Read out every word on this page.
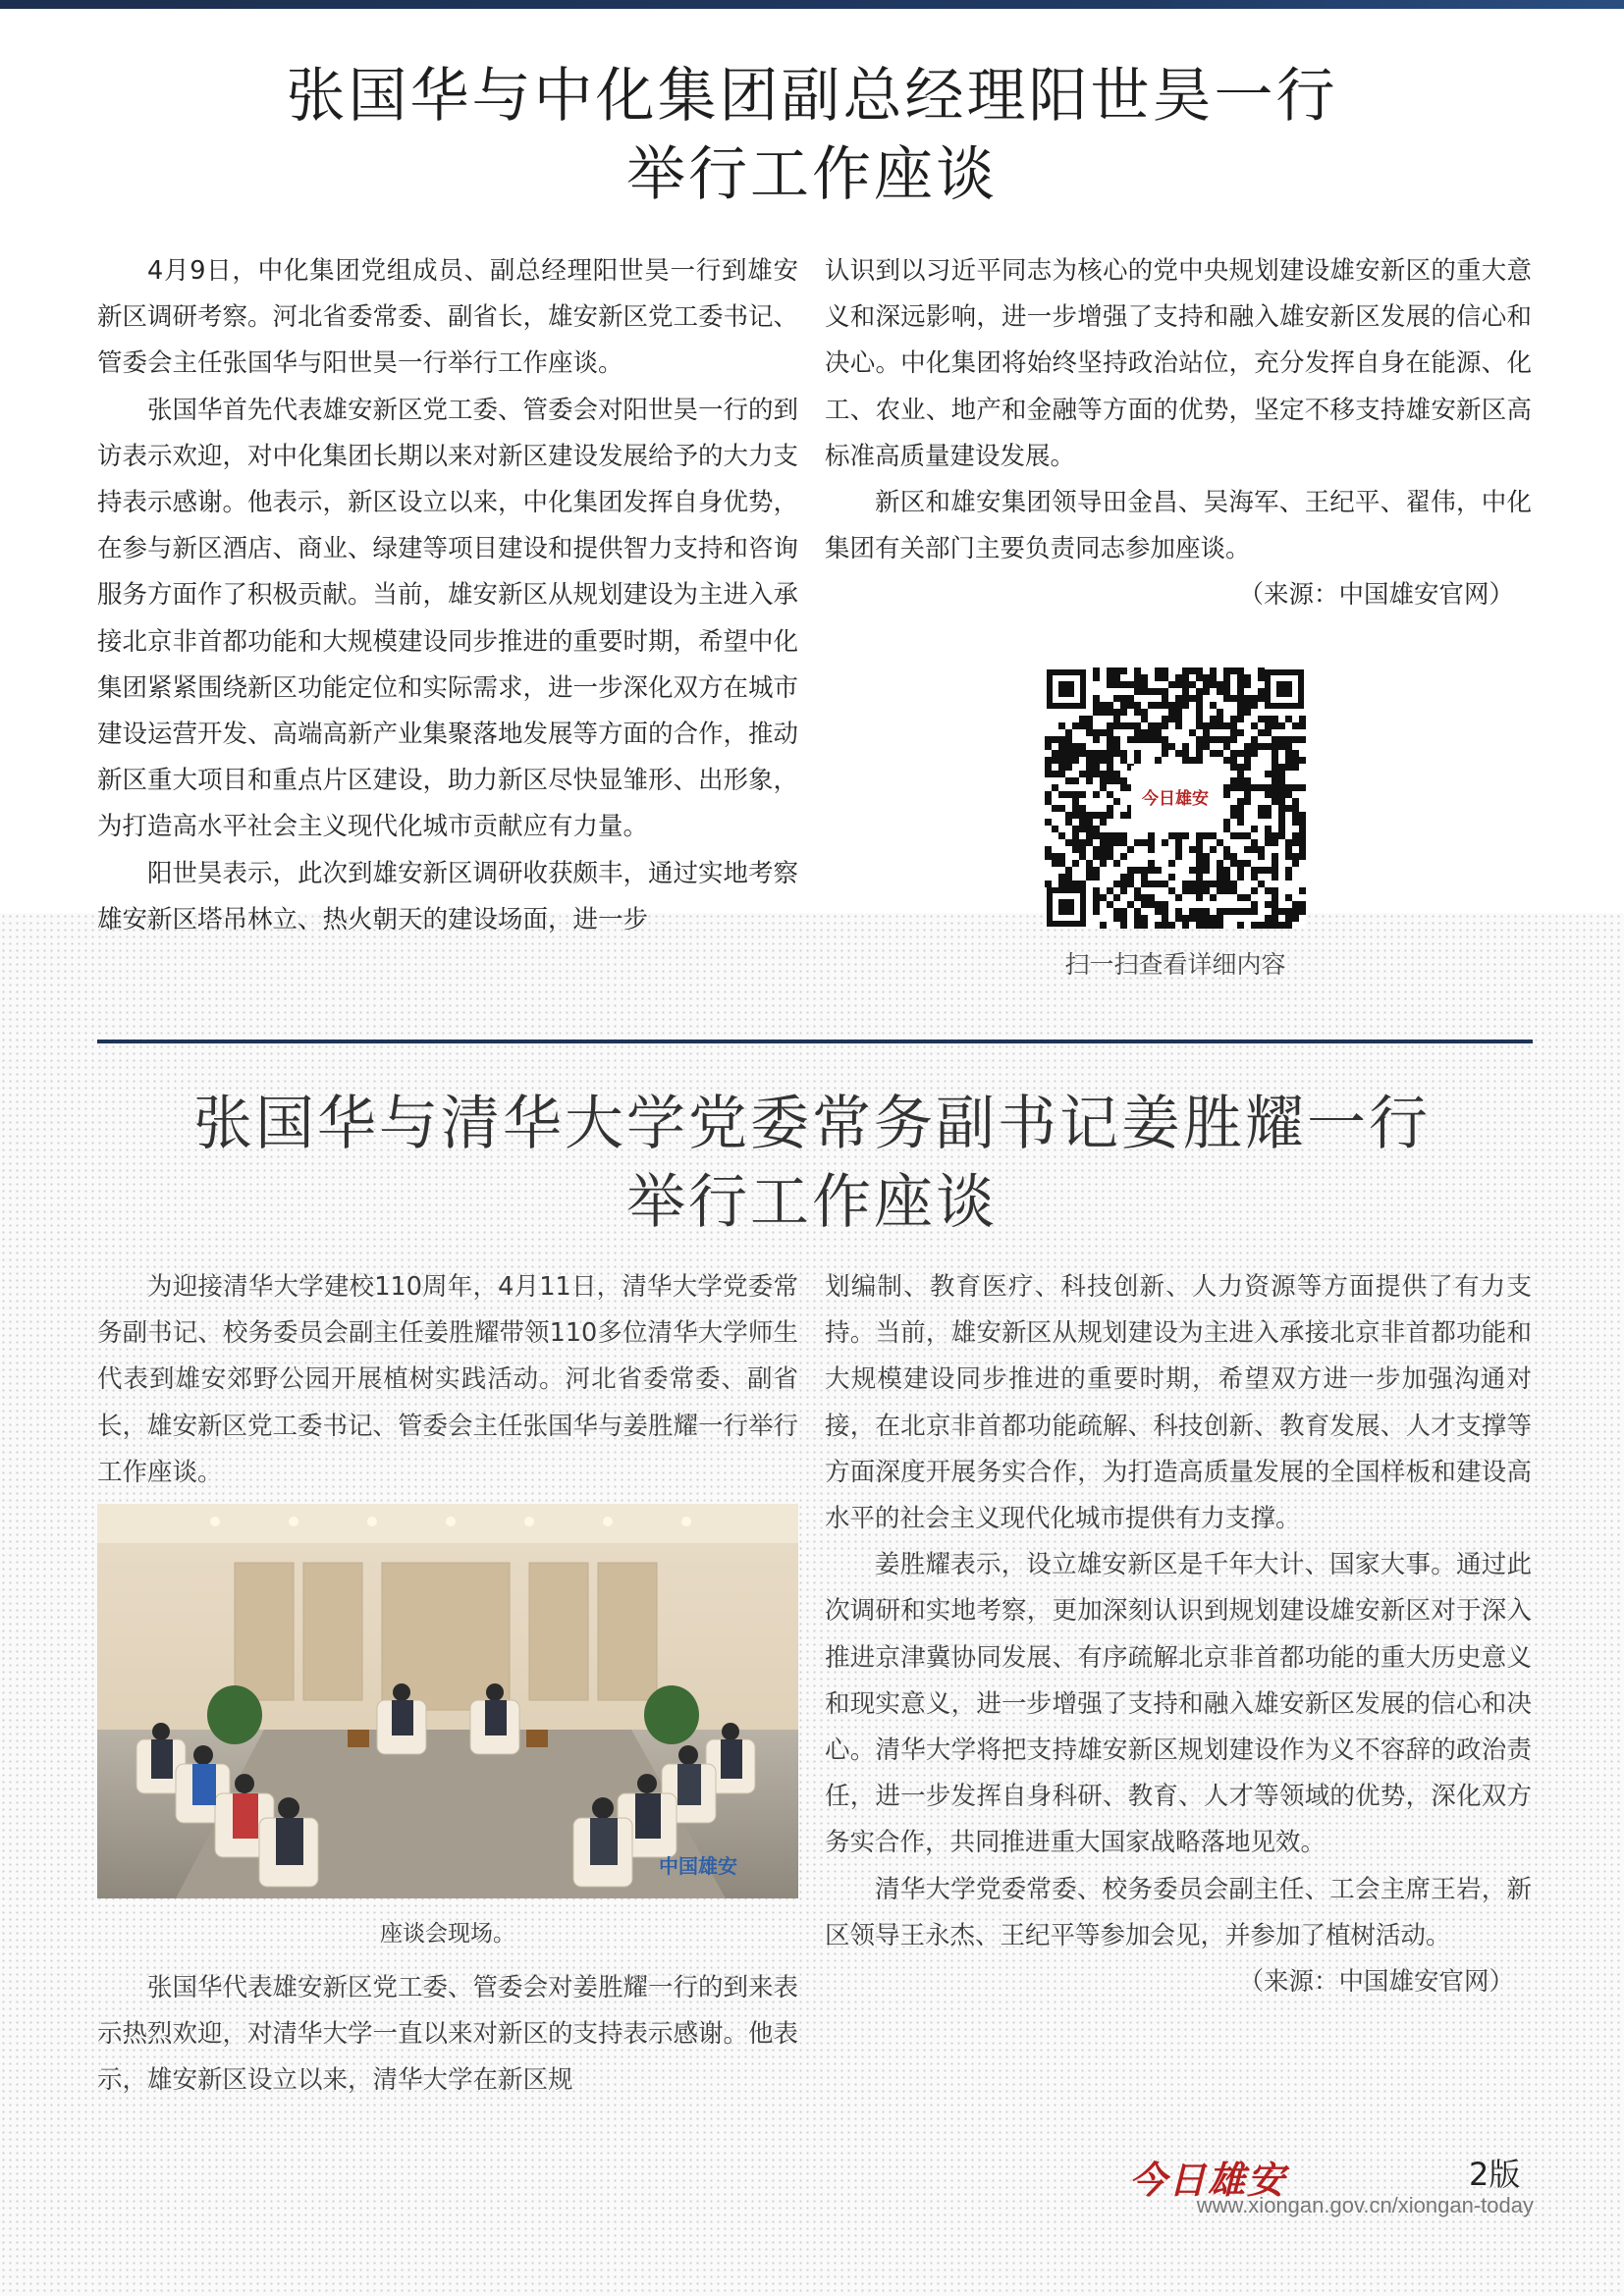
张国华与中化集团副总经理阳世昊一行
举行工作座谈

4月9日，中化集团党组成员、副总经理阳世昊一行到雄安新区调研考察。河北省委常委、副省长，雄安新区党工委书记、管委会主任张国华与阳世昊一行举行工作座谈。

张国华首先代表雄安新区党工委、管委会对阳世昊一行的到访表示欢迎，对中化集团长期以来对新区建设发展给予的大力支持表示感谢。他表示，新区设立以来，中化集团发挥自身优势，在参与新区酒店、商业、绿建等项目建设和提供智力支持和咨询服务方面作了积极贡献。当前，雄安新区从规划建设为主进入承接北京非首都功能和大规模建设同步推进的重要时期，希望中化集团紧紧围绕新区功能定位和实际需求，进一步深化双方在城市建设运营开发、高端高新产业集聚落地发展等方面的合作，推动新区重大项目和重点片区建设，助力新区尽快显雏形、出形象，为打造高水平社会主义现代化城市贡献应有力量。

阳世昊表示，此次到雄安新区调研收获颇丰，通过实地考察雄安新区塔吊林立、热火朝天的建设场面，进一步

认识到以习近平同志为核心的党中央规划建设雄安新区的重大意义和深远影响，进一步增强了支持和融入雄安新区发展的信心和决心。中化集团将始终坚持政治站位，充分发挥自身在能源、化工、农业、地产和金融等方面的优势，坚定不移支持雄安新区高标准高质量建设发展。

新区和雄安集团领导田金昌、吴海军、王纪平、翟伟，中化集团有关部门主要负责同志参加座谈。

（来源：中国雄安官网）

今日雄安
扫一扫查看详细内容
张国华与清华大学党委常务副书记姜胜耀一行
举行工作座谈

为迎接清华大学建校110周年，4月11日，清华大学党委常务副书记、校务委员会副主任姜胜耀带领110多位清华大学师生代表到雄安郊野公园开展植树实践活动。河北省委常委、副省长，雄安新区党工委书记、管委会主任张国华与姜胜耀一行举行工作座谈。

中国雄安
座谈会现场。

张国华代表雄安新区党工委、管委会对姜胜耀一行的到来表示热烈欢迎，对清华大学一直以来对新区的支持表示感谢。他表示，雄安新区设立以来，清华大学在新区规

划编制、教育医疗、科技创新、人力资源等方面提供了有力支持。当前，雄安新区从规划建设为主进入承接北京非首都功能和大规模建设同步推进的重要时期，希望双方进一步加强沟通对接，在北京非首都功能疏解、科技创新、教育发展、人才支撑等方面深度开展务实合作，为打造高质量发展的全国样板和建设高水平的社会主义现代化城市提供有力支撑。

姜胜耀表示，设立雄安新区是千年大计、国家大事。通过此次调研和实地考察，更加深刻认识到规划建设雄安新区对于深入推进京津冀协同发展、有序疏解北京非首都功能的重大历史意义和现实意义，进一步增强了支持和融入雄安新区发展的信心和决心。清华大学将把支持雄安新区规划建设作为义不容辞的政治责任，进一步发挥自身科研、教育、人才等领域的优势，深化双方务实合作，共同推进重大国家战略落地见效。

清华大学党委常委、校务委员会副主任、工会主席王岩，新区领导王永杰、王纪平等参加会见，并参加了植树活动。

（来源：中国雄安官网）

今日雄安	2版
www.xiongan.gov.cn/xiongan-today
